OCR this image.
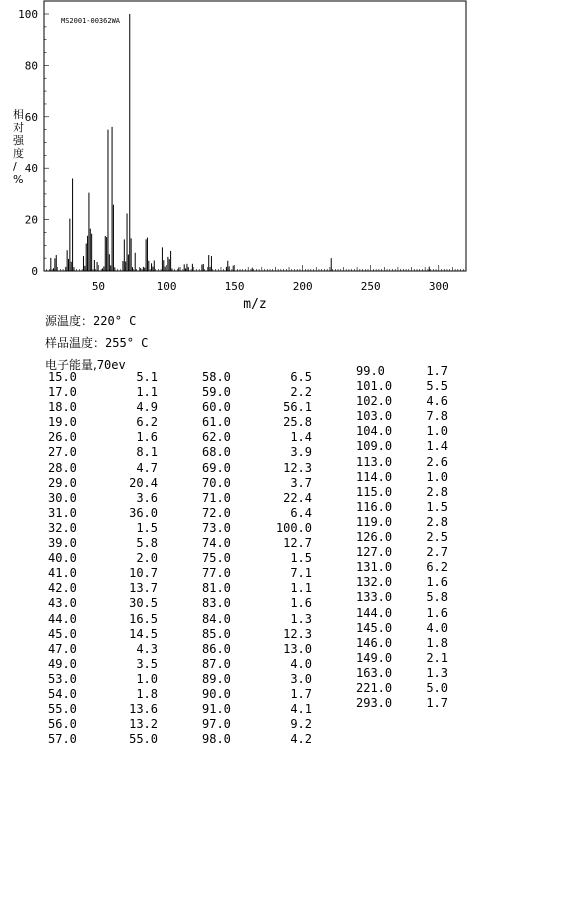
50	100	150	200	250	300
0
20
40
60
80
100
m/z
相对强度/ %
MS2001-00362WA
源温度：220° C
样品温度：255° C
电子能量,70ev
15.0	5.1
17.0	1.1
18.0	4.9
19.0	6.2
26.0	1.6
27.0	8.1
28.0	4.7
29.0	20.4
30.0	3.6
31.0	36.0
32.0	1.5
39.0	5.8
40.0	2.0
41.0	10.7
42.0	13.7
43.0	30.5
44.0	16.5
45.0	14.5
47.0	4.3
49.0	3.5
53.0	1.0
54.0	1.8
55.0	13.6
56.0	13.2
57.0	55.0
58.0	6.5
59.0	2.2
60.0	56.1
61.0	25.8
62.0	1.4
68.0	3.9
69.0	12.3
70.0	3.7
71.0	22.4
72.0	6.4
73.0	100.0
74.0	12.7
75.0	1.5
77.0	7.1
81.0	1.1
83.0	1.6
84.0	1.3
85.0	12.3
86.0	13.0
87.0	4.0
89.0	3.0
90.0	1.7
91.0	4.1
97.0	9.2
98.0	4.2
99.0	1.7
101.0	5.5
102.0	4.6
103.0	7.8
104.0	1.0
109.0	1.4
113.0	2.6
114.0	1.0
115.0	2.8
116.0	1.5
119.0	2.8
126.0	2.5
127.0	2.7
131.0	6.2
132.0	1.6
133.0	5.8
144.0	1.6
145.0	4.0
146.0	1.8
149.0	2.1
163.0	1.3
221.0	5.0
293.0	1.7
